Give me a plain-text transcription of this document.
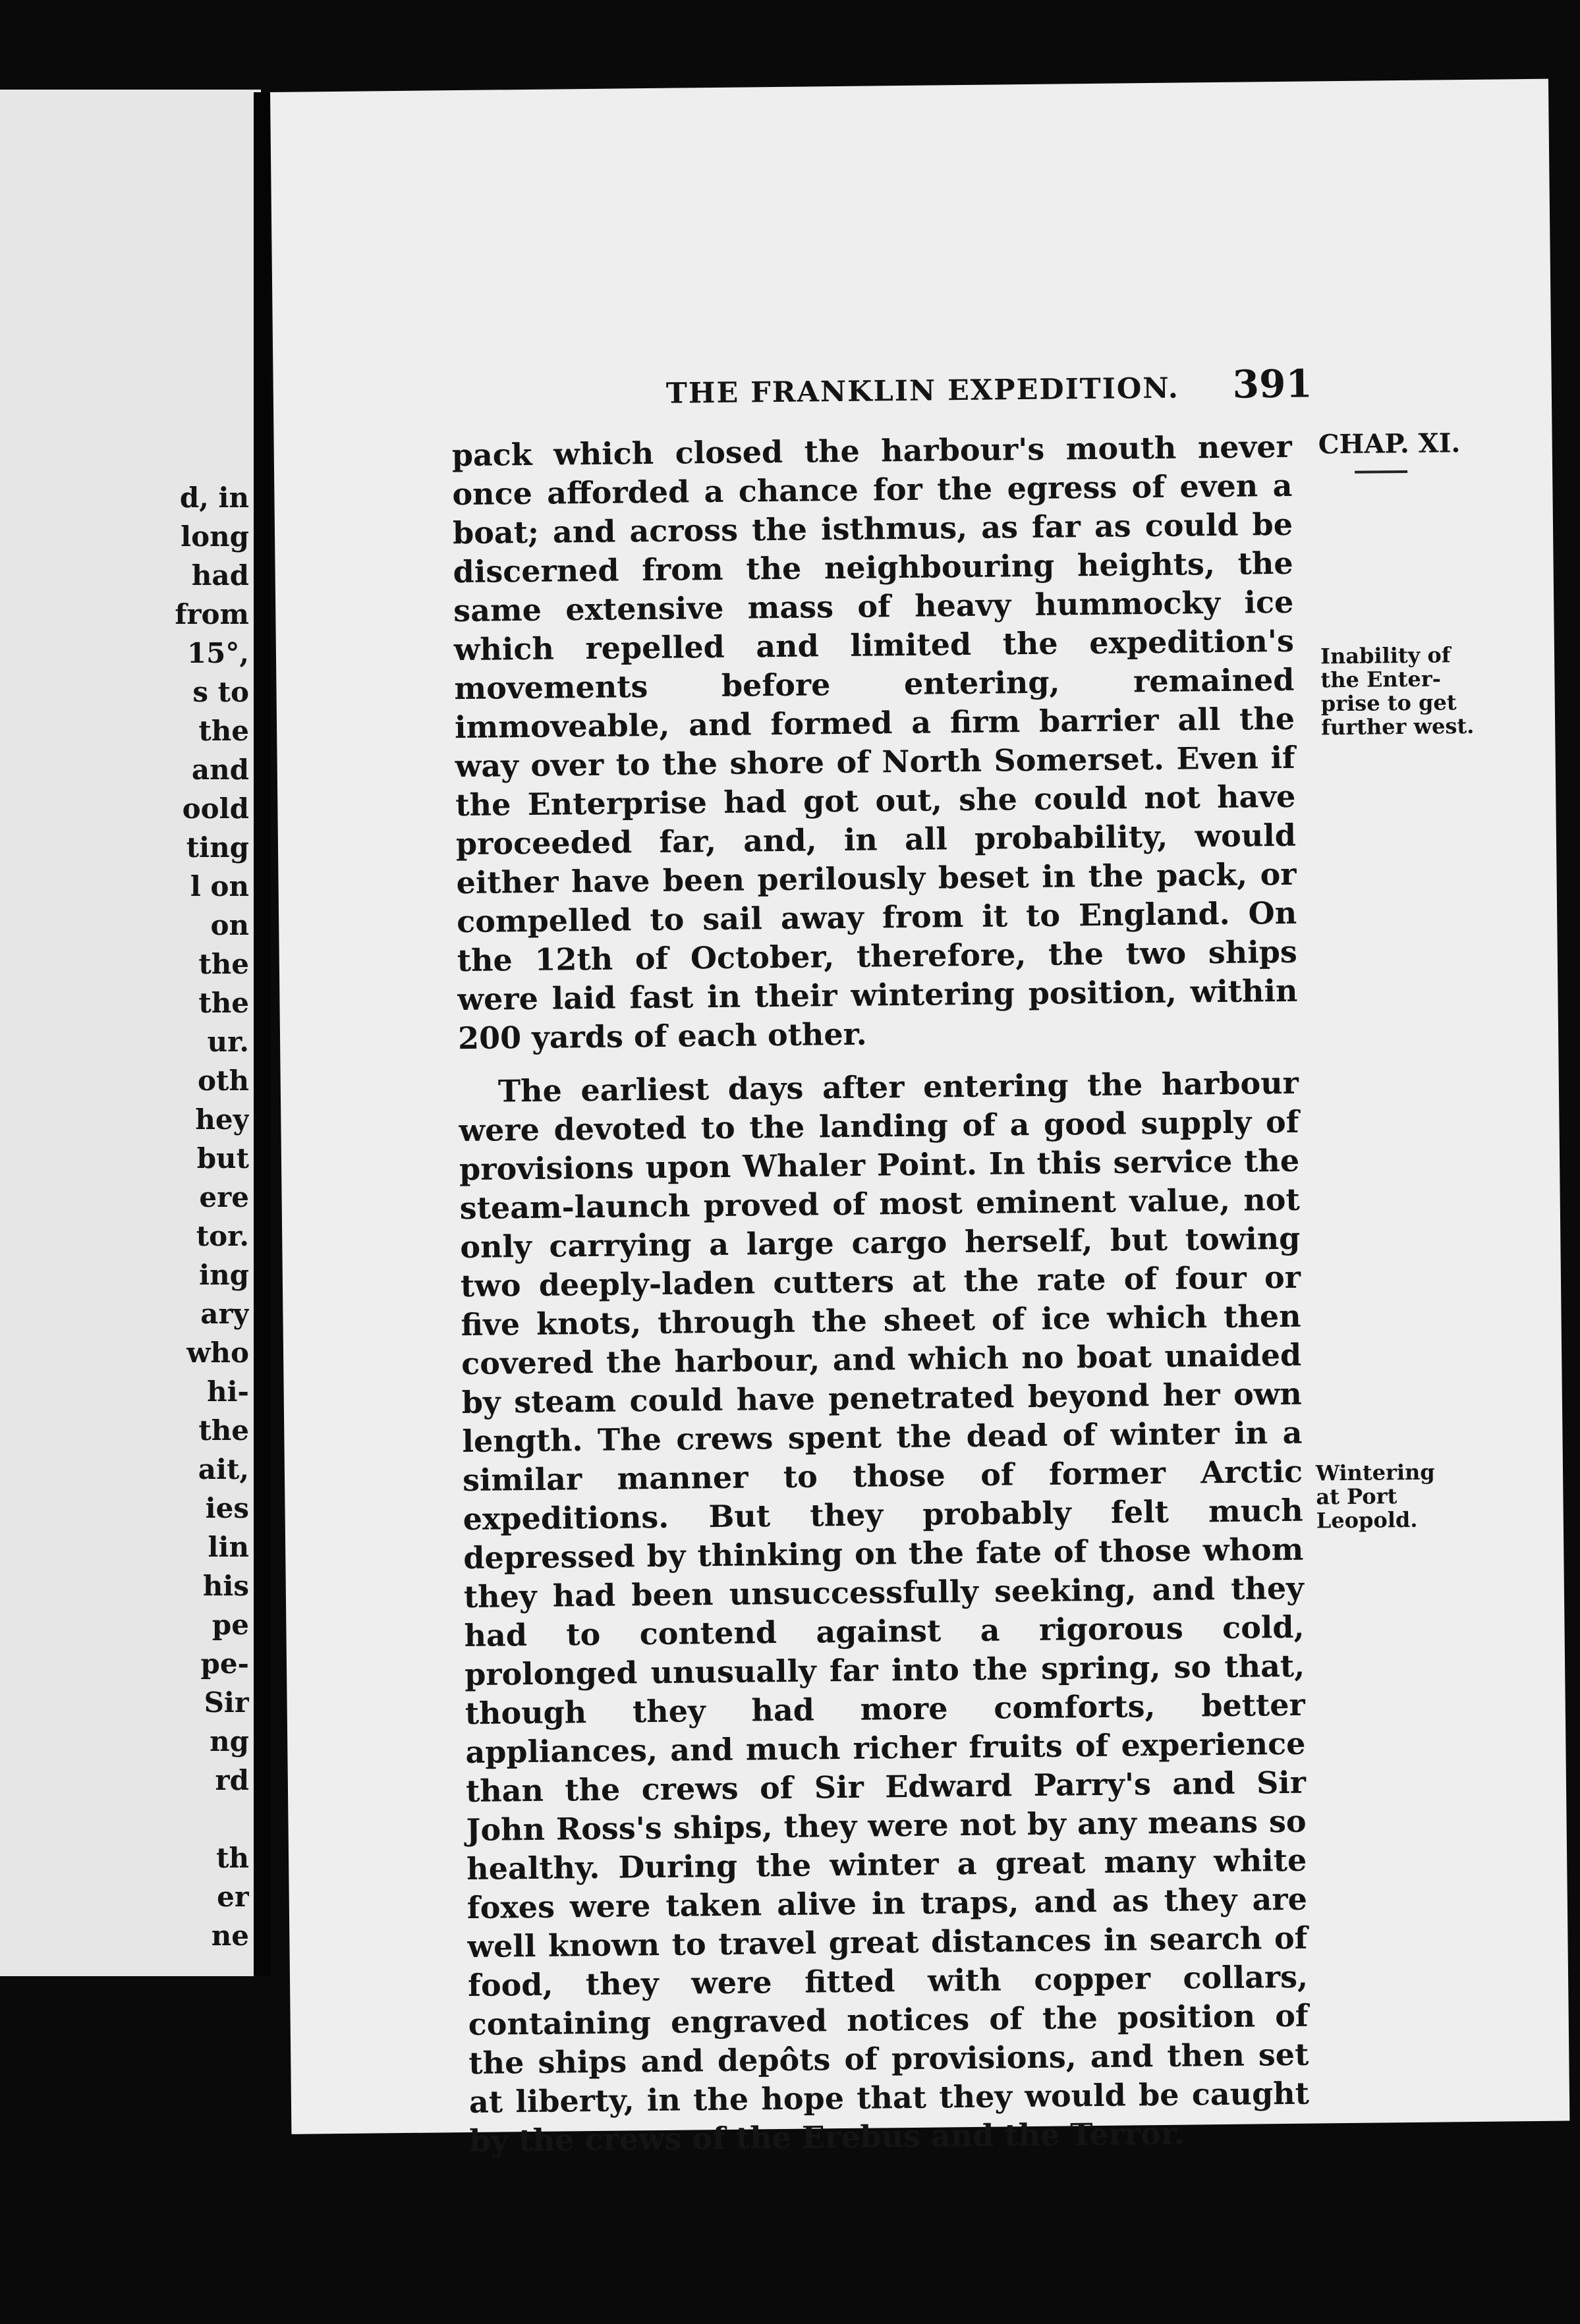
d, in
long
had
from
15°,
s to
the
and
oold
ting
l on
on
the
the
ur.
oth
hey
but
ere
tor.
ing
ary
who
hi-
the
ait,
ies
lin
his
pe
pe-
Sir
ng
rd
th
er
ne
THE FRANKLIN EXPEDITION. 391

pack which closed the harbour's mouth never once afforded a chance for the egress of even a boat; and across the isthmus, as far as could be discerned from the neighbouring heights, the same extensive mass of heavy hummocky ice which repelled and limited the expedition's movements before entering, remained immoveable, and formed a firm barrier all the way over to the shore of North Somerset. Even if the Enterprise had got out, she could not have proceeded far, and, in all probability, would either have been perilously beset in the pack, or compelled to sail away from it to England. On the 12th of October, therefore, the two ships were laid fast in their wintering position, within 200 yards of each other.

The earliest days after entering the harbour were devoted to the landing of a good supply of provisions upon Whaler Point. In this service the steam-launch proved of most eminent value, not only carrying a large cargo herself, but towing two deeply-laden cutters at the rate of four or five knots, through the sheet of ice which then covered the harbour, and which no boat unaided by steam could have penetrated beyond her own length. The crews spent the dead of winter in a similar manner to those of former Arctic expeditions. But they probably felt much depressed by thinking on the fate of those whom they had been unsuccessfully seeking, and they had to contend against a rigorous cold, prolonged unusually far into the spring, so that, though they had more comforts, better appliances, and much richer fruits of experience than the crews of Sir Edward Parry's and Sir John Ross's ships, they were not by any means so healthy. During the winter a great many white foxes were taken alive in traps, and as they are well known to travel great distances in search of food, they were fitted with copper collars, containing engraved notices of the position of the ships and depôts of provisions, and then set at liberty, in the hope that they would be caught by the crews of the Erebus and the Terror.

CHAP. XI.
Inability of
the Enter-
prise to get
further west.
Wintering
at Port
Leopold.
